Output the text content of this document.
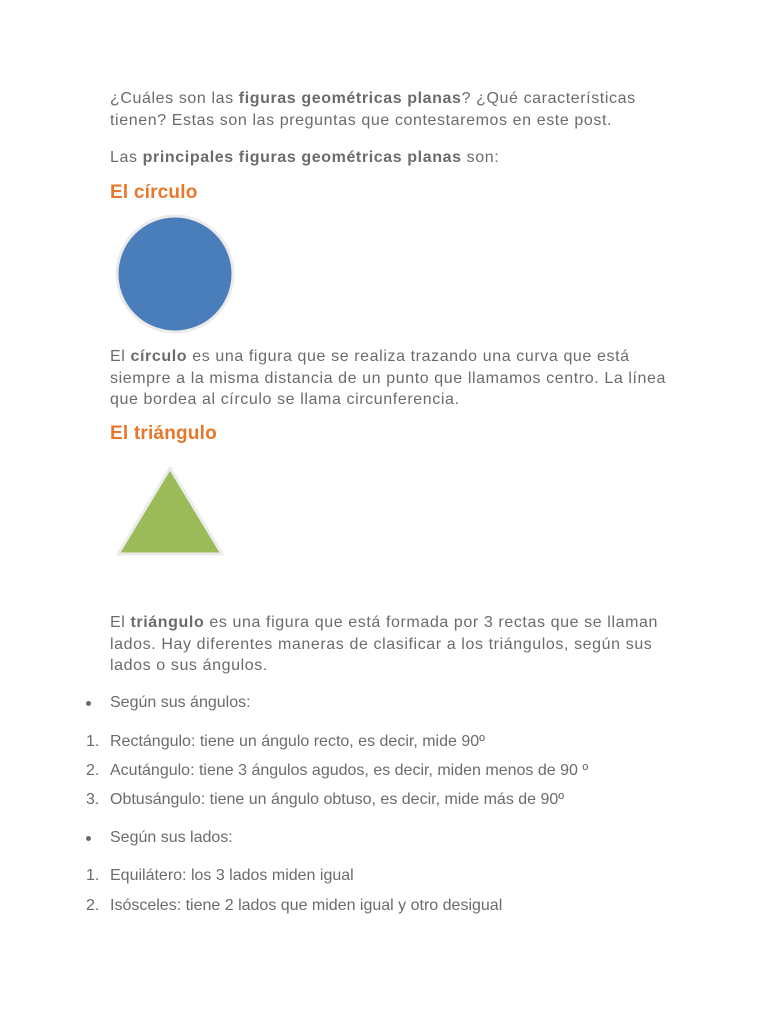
¿Cuáles son las figuras geométricas planas? ¿Qué características tienen? Estas son las preguntas que contestaremos en este post.

Las principales figuras geométricas planas son:

El círculo

El círculo es una figura que se realiza trazando una curva que está siempre a la misma distancia de un punto que llamamos centro. La línea que bordea al círculo se llama circunferencia.

El triángulo

El triángulo es una figura que está formada por 3 rectas que se llaman lados. Hay diferentes maneras de clasificar a los triángulos, según sus lados o sus ángulos.

Según sus ángulos:

1. Rectángulo: tiene un ángulo recto, es decir, mide 90º

2. Acutángulo: tiene 3 ángulos agudos, es decir, miden menos de 90 º

3. Obtusángulo: tiene un ángulo obtuso, es decir, mide más de 90º

Según sus lados:

1. Equilátero: los 3 lados miden igual

2. Isósceles: tiene 2 lados que miden igual y otro desigual
